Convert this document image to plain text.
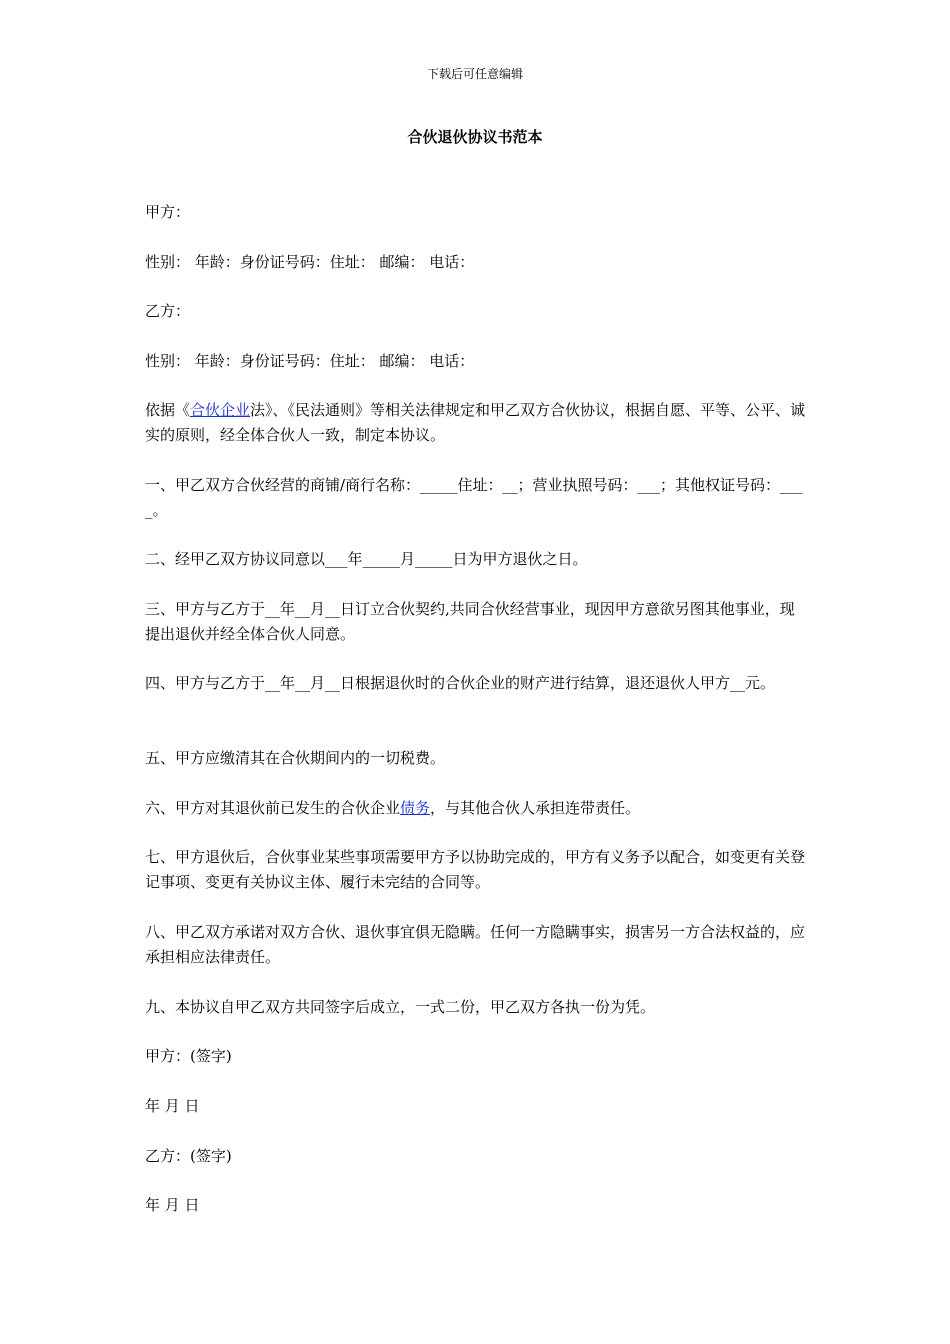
下载后可任意编辑
合伙退伙协议书范本

甲方：

性别： 年龄：身份证号码：住址： 邮编： 电话：

乙方：

性别： 年龄：身份证号码：住址： 邮编： 电话：

依据《合伙企业法》、《民法通则》等相关法律规定和甲乙双方合伙协议，根据自愿、平等、公平、诚实的原则，经全体合伙人一致，制定本协议。

一、甲乙双方合伙经营的商铺/商行名称：_____住址：__；营业执照号码：___；其他权证号码：____。

二、经甲乙双方协议同意以___年_____月_____日为甲方退伙之日。

三、甲方与乙方于__年__月__日订立合伙契约,共同合伙经营事业，现因甲方意欲另图其他事业，现提出退伙并经全体合伙人同意。

四、甲方与乙方于__年__月__日根据退伙时的合伙企业的财产进行结算，退还退伙人甲方__元。

五、甲方应缴清其在合伙期间内的一切税费。

六、甲方对其退伙前已发生的合伙企业债务，与其他合伙人承担连带责任。

七、甲方退伙后，合伙事业某些事项需要甲方予以协助完成的，甲方有义务予以配合，如变更有关登记事项、变更有关协议主体、履行未完结的合同等。

八、甲乙双方承诺对双方合伙、退伙事宜俱无隐瞒。任何一方隐瞒事实，损害另一方合法权益的，应承担相应法律责任。

九、本协议自甲乙双方共同签字后成立，一式二份，甲乙双方各执一份为凭。

甲方：(签字)

年 月 日

乙方：(签字)

年 月 日
